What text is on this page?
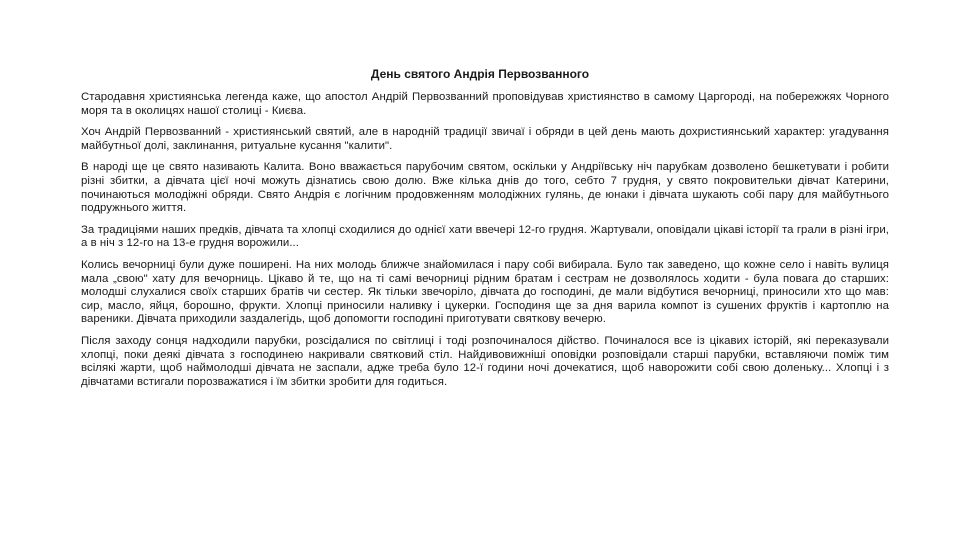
День святого Андрія Первозванного

Стародавня християнська легенда каже, що апостол Андрій Первозванний проповідував християнство в самому Царгороді, на побережжях Чорного моря та в околицях нашої столиці - Києва.

Хоч Андрій Первозванний - християнський святий, але в народній традиції звичаї і обряди в цей день мають дохристиянський характер: угадування майбутньої долі, заклинання, ритуальне кусання "калити".

В народі ще це свято називають Калита. Воно вважається парубочим святом, оскільки у Андріївську ніч парубкам дозволено бешкетувати і робити різні збитки, а дівчата цієї ночі можуть дізнатись свою долю. Вже кілька днів до того, себто 7 грудня, у свято покровительки дівчат Катерини, починаються молодіжні обряди. Свято Андрія є логічним продовженням молодіжних гулянь, де юнаки і дівчата шукають собі пару для майбутнього подружнього життя.

За традиціями наших предків, дівчата та хлопці сходилися до однієї хати ввечері 12-го грудня. Жартували, оповідали цікаві історії та грали в різні ігри, а в ніч з 12-го на 13-е грудня ворожили...

Колись вечорниці були дуже поширені. На них молодь ближче знайомилася і пару собі вибирала. Було так заведено, що кожне село і навіть вулиця мала „свою" хату для вечорниць. Цікаво й те, що на ті самі вечорниці рідним братам і сестрам не дозволялось ходити - була повага до старших: молодші слухалися своїх старших братів чи сестер. Як тільки звечоріло, дівчата до господині, де мали відбутися вечорниці, приносили хто що мав: сир, масло, яйця, борошно, фрукти. Хлопці приносили наливку і цукерки. Господиня ще за дня варила компот із сушених фруктів і картоплю на вареники. Дівчата приходили заздалегідь, щоб допомогти господині приготувати святкову вечерю.

Після заходу сонця надходили парубки, розсідалися по світлиці і тоді розпочиналося дійство. Починалося все із цікавих історій, які переказували хлопці, поки деякі дівчата з господинею накривали святковий стіл. Найдивовижніші оповідки розповідали старші парубки, вставляючи поміж тим всілякі жарти, щоб наймолодші дівчата не заспали, адже треба було 12-ї години ночі дочекатися, щоб наворожити собі свою доленьку... Хлопці і з дівчатами встигали порозважатися і їм збитки зробити для годиться.
